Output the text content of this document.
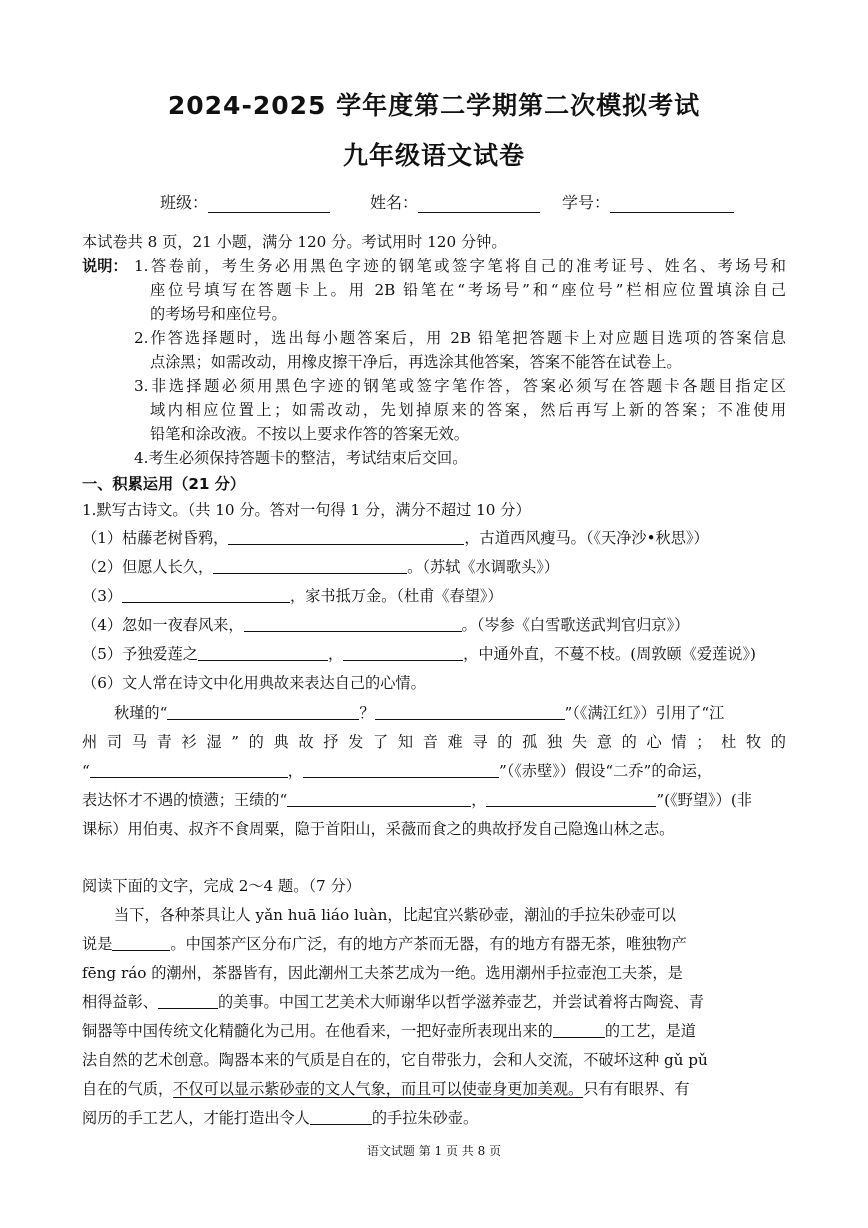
2024-2025 学年度第二学期第二次模拟考试
九年级语文试卷
班级：	姓名：	学号：
本试卷共 8 页，21 小题，满分 120 分。考试用时 120 分钟。
说明： 1.答卷前，考生务必用黑色字迹的钢笔或签字笔将自己的准考证号、姓名、考场号和
座位号填写在答题卡上。用 2B 铅笔在“考场号”和“座位号”栏相应位置填涂自己
的考场号和座位号。
2.作答选择题时，选出每小题答案后，用 2B 铅笔把答题卡上对应题目选项的答案信息
点涂黑；如需改动，用橡皮擦干净后，再选涂其他答案，答案不能答在试卷上。
3.非选择题必须用黑色字迹的钢笔或签字笔作答，答案必须写在答题卡各题目指定区
域内相应位置上；如需改动，先划掉原来的答案，然后再写上新的答案；不准使用
铅笔和涂改液。不按以上要求作答的答案无效。
4.考生必须保持答题卡的整洁，考试结束后交回。
一、积累运用（21 分）
1.默写古诗文。（共 10 分。答对一句得 1 分，满分不超过 10 分）
（1）枯藤老树昏鸦，	，古道西风瘦马。（《天净沙•秋思》）
（2）但愿人长久，	。（苏轼《水调歌头》）
（3）	，家书抵万金。（杜甫《春望》）
（4）忽如一夜春风来，	。（岑参《白雪歌送武判官归京》）
（5）予独爱莲之	，	，中通外直，不蔓不枝。(周敦颐《爱莲说》)
（6）文人常在诗文中化用典故来表达自己的心情。
秋瑾的“	？	”（《满江红》）引用了“江
州司马青衫湿”的典故抒发了知音难寻的孤独失意的心情；杜牧的
“	，	”（《赤壁》）假设“二乔”的命运，
表达怀才不遇的愤懑；王绩的“	，	”(《野望》）(非
课标）用伯夷、叔齐不食周粟，隐于首阳山，采薇而食之的典故抒发自己隐逸山林之志。
阅读下面的文字，完成 2～4 题。（7 分）
当下，各种茶具让人 yǎn huā liáo luàn，比起宜兴紫砂壶，潮汕的手拉朱砂壶可以
说是	。中国茶产区分布广泛，有的地方产茶而无器，有的地方有器无茶，唯独物产
fēng ráo 的潮州，茶器皆有，因此潮州工夫茶艺成为一绝。选用潮州手拉壶泡工夫茶，是
相得益彰、	的美事。中国工艺美术大师谢华以哲学滋养壶艺，并尝试着将古陶瓷、青
铜器等中国传统文化精髓化为己用。在他看来，一把好壶所表现出来的	的工艺，是道
法自然的艺术创意。陶器本来的气质是自在的，它自带张力，会和人交流，不破坏这种 gǔ pǔ
自在的气质，不仅可以显示紫砂壶的文人气象，而且可以使壶身更加美观。只有有眼界、有
阅历的手工艺人，才能打造出令人	的手拉朱砂壶。
语文试题 第 1 页 共 8 页
